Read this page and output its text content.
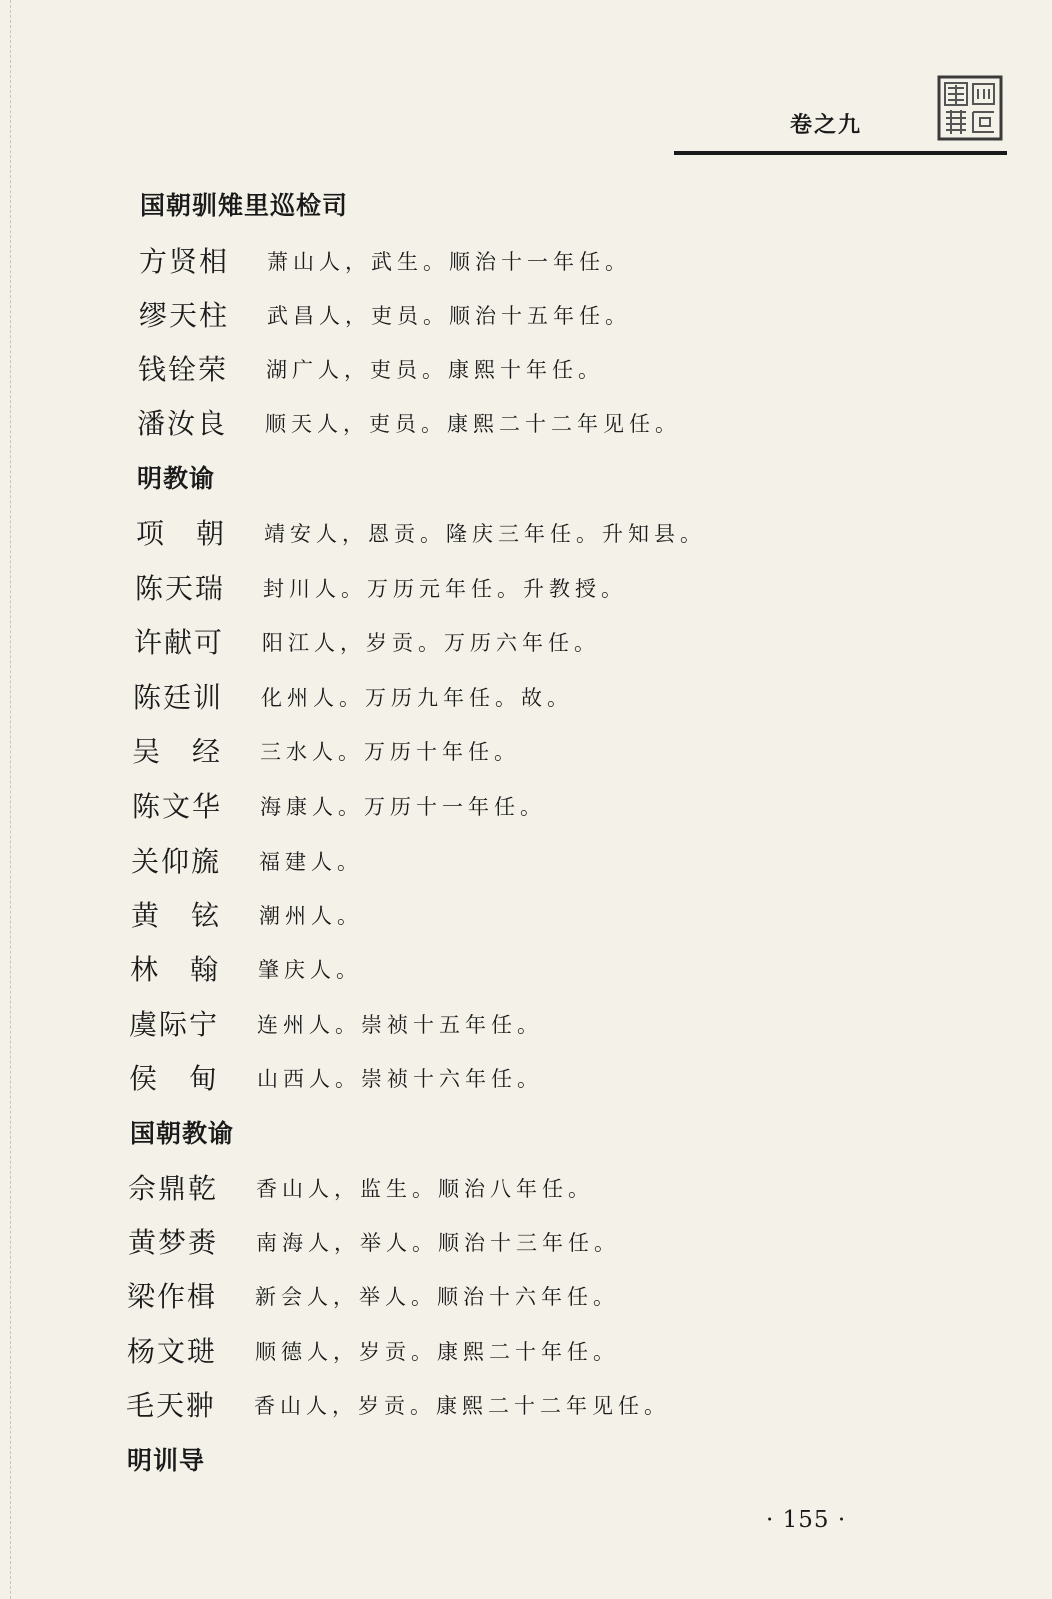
卷之九
国朝驯雉里巡检司
方贤相	萧山人，武生。顺治十一年任。
缪天柱	武昌人，吏员。顺治十五年任。
钱铨荣	湖广人，吏员。康熙十年任。
潘汝良	顺天人，吏员。康熙二十二年见任。
明教谕
项　朝	靖安人，恩贡。隆庆三年任。升知县。
陈天瑞	封川人。万历元年任。升教授。
许献可	阳江人，岁贡。万历六年任。
陈廷训	化州人。万历九年任。故。
吴　经	三水人。万历十年任。
陈文华	海康人。万历十一年任。
关仰旒	福建人。
黄　铉	潮州人。
林　翰	肇庆人。
虞际宁	连州人。崇祯十五年任。
侯　甸	山西人。崇祯十六年任。
国朝教谕
佘鼎乾	香山人，监生。顺治八年任。
黄梦赉	南海人，举人。顺治十三年任。
梁作楫	新会人，举人。顺治十六年任。
杨文琎	顺德人，岁贡。康熙二十年任。
毛天翀	香山人，岁贡。康熙二十二年见任。
明训导
· 155 ·
